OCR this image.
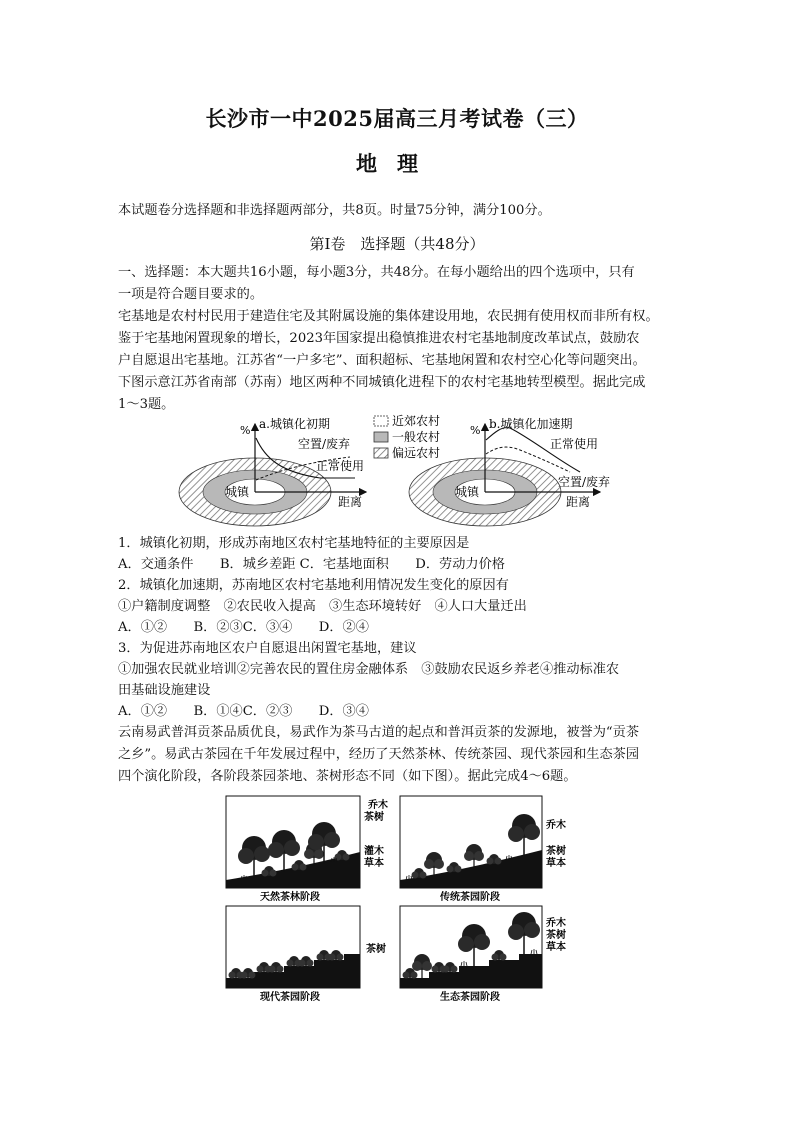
长沙市一中2025届高三月考试卷（三）
地理
本试题卷分选择题和非选择题两部分，共8页。时量75分钟，满分100分。
第Ⅰ卷　选择题（共48分）
一、选择题：本大题共16小题，每小题3分，共48分。在每小题给出的四个选项中，只有
一项是符合题目要求的。
宅基地是农村村民用于建造住宅及其附属设施的集体建设用地，农民拥有使用权而非所有权。
鉴于宅基地闲置现象的增长，2023年国家提出稳慎推进农村宅基地制度改革试点，鼓励农
户自愿退出宅基地。江苏省“一户多宅”、面积超标、宅基地闲置和农村空心化等问题突出。
下图示意江苏省南部（苏南）地区两种不同城镇化进程下的农村宅基地转型模型。据此完成
1～3题。
城镇
% a.城镇化初期
空置/废弃
正常使用
距离
近郊农村
一般农村
偏远农村
城镇
% b.城镇化加速期
正常使用
空置/废弃
距离
1．城镇化初期，形成苏南地区农村宅基地特征的主要原因是
A．交通条件　　B．城乡差距 C．宅基地面积　　D．劳动力价格
2．城镇化加速期，苏南地区农村宅基地利用情况发生变化的原因有
①户籍制度调整　②农民收入提高　③生态环境转好　④人口大量迁出
A．①②　　B．②③C．③④　　D．②④
3．为促进苏南地区农户自愿退出闲置宅基地，建议
①加强农民就业培训②完善农民的置住房金融体系　③鼓励农民返乡养老④推动标准农
田基础设施建设
A．①②　　B．①④C．②③　　D．③④
云南易武普洱贡茶品质优良，易武作为茶马古道的起点和普洱贡茶的发源地，被誉为“贡茶
之乡”。易武古茶园在千年发展过程中，经历了天然茶林、传统茶园、现代茶园和生态茶园
四个演化阶段，各阶段茶园茶地、茶树形态不同（如下图）。据此完成4～6题。
乔木
茶树
灌木
草本
天然茶林阶段
乔木
茶树
草本
传统茶园阶段
茶树
现代茶园阶段
乔木
茶树
草本
生态茶园阶段
